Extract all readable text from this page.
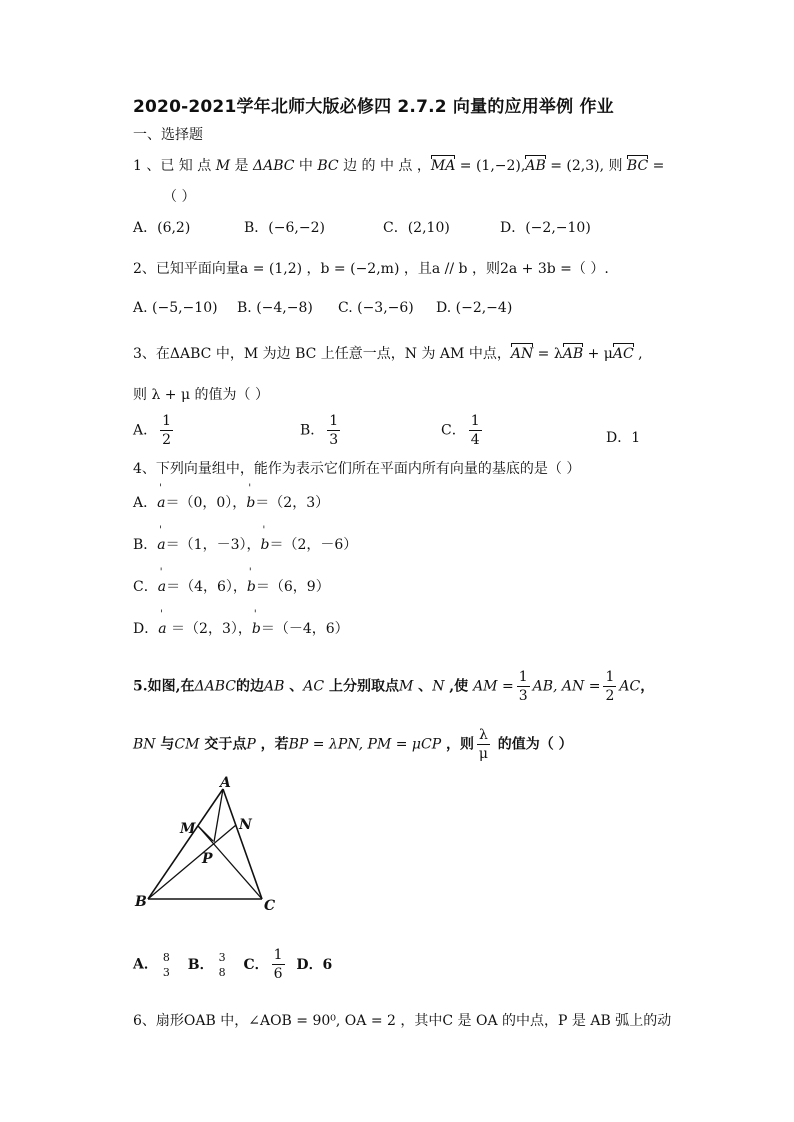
2020-2021学年北师大版必修四 2.7.2 向量的应用举例 作业
一、选择题
1 、已 知 点 M 是 ΔABC 中 BC 边 的 中 点 ，MA = (1,−2),AB = (2,3), 则 BC =
（ ）
A．(6,2)	B．(−6,−2)	C．(2,10)	D．(−2,−10)
2、已知平面向量a = (1,2) ，b = (−2,m) ，且a // b ，则2a + 3b =（ ）.
A. (−5,−10) B. (−4,−8) C. (−3,−6) D. (−2,−4)
3、在ΔABC 中，M 为边 BC 上任意一点，N 为 AM 中点，AN = λAB + μAC ,
则 λ + μ 的值为（ ）
A． $\frac{1}{2}$	B． $\frac{1}{3}$	C． $\frac{1}{4}$	D．1
4、下列向量组中，能作为表示它们所在平面内所有向量的基底的是（ ）
A．' a＝（0，0），' b＝（2，3）
B．' a＝（1，－3），' b＝（2，－6）
C．' a＝（4，6），' b＝（6，9）
D．' a ＝（2，3），' b＝（－4，6）
5.如图,在ΔABC的边AB 、AC 上分别取点M 、N ,使 AM = $\frac{1}{3}$ AB, AN = $\frac{1}{2}$ AC，
BN 与CM 交于点P ，若BP = λPN, PM = μCP ，则 $\frac{\lambda}{\mu}$ 的值为（ ）
A
M	N
P
B	C
A． 8
3 B． 3
8 C． $\frac{1}{6}$ D．6
6、扇形OAB 中，∠AOB = 90⁰, OA = 2 ，其中C 是 OA 的中点，P 是 AB 弧上的动
